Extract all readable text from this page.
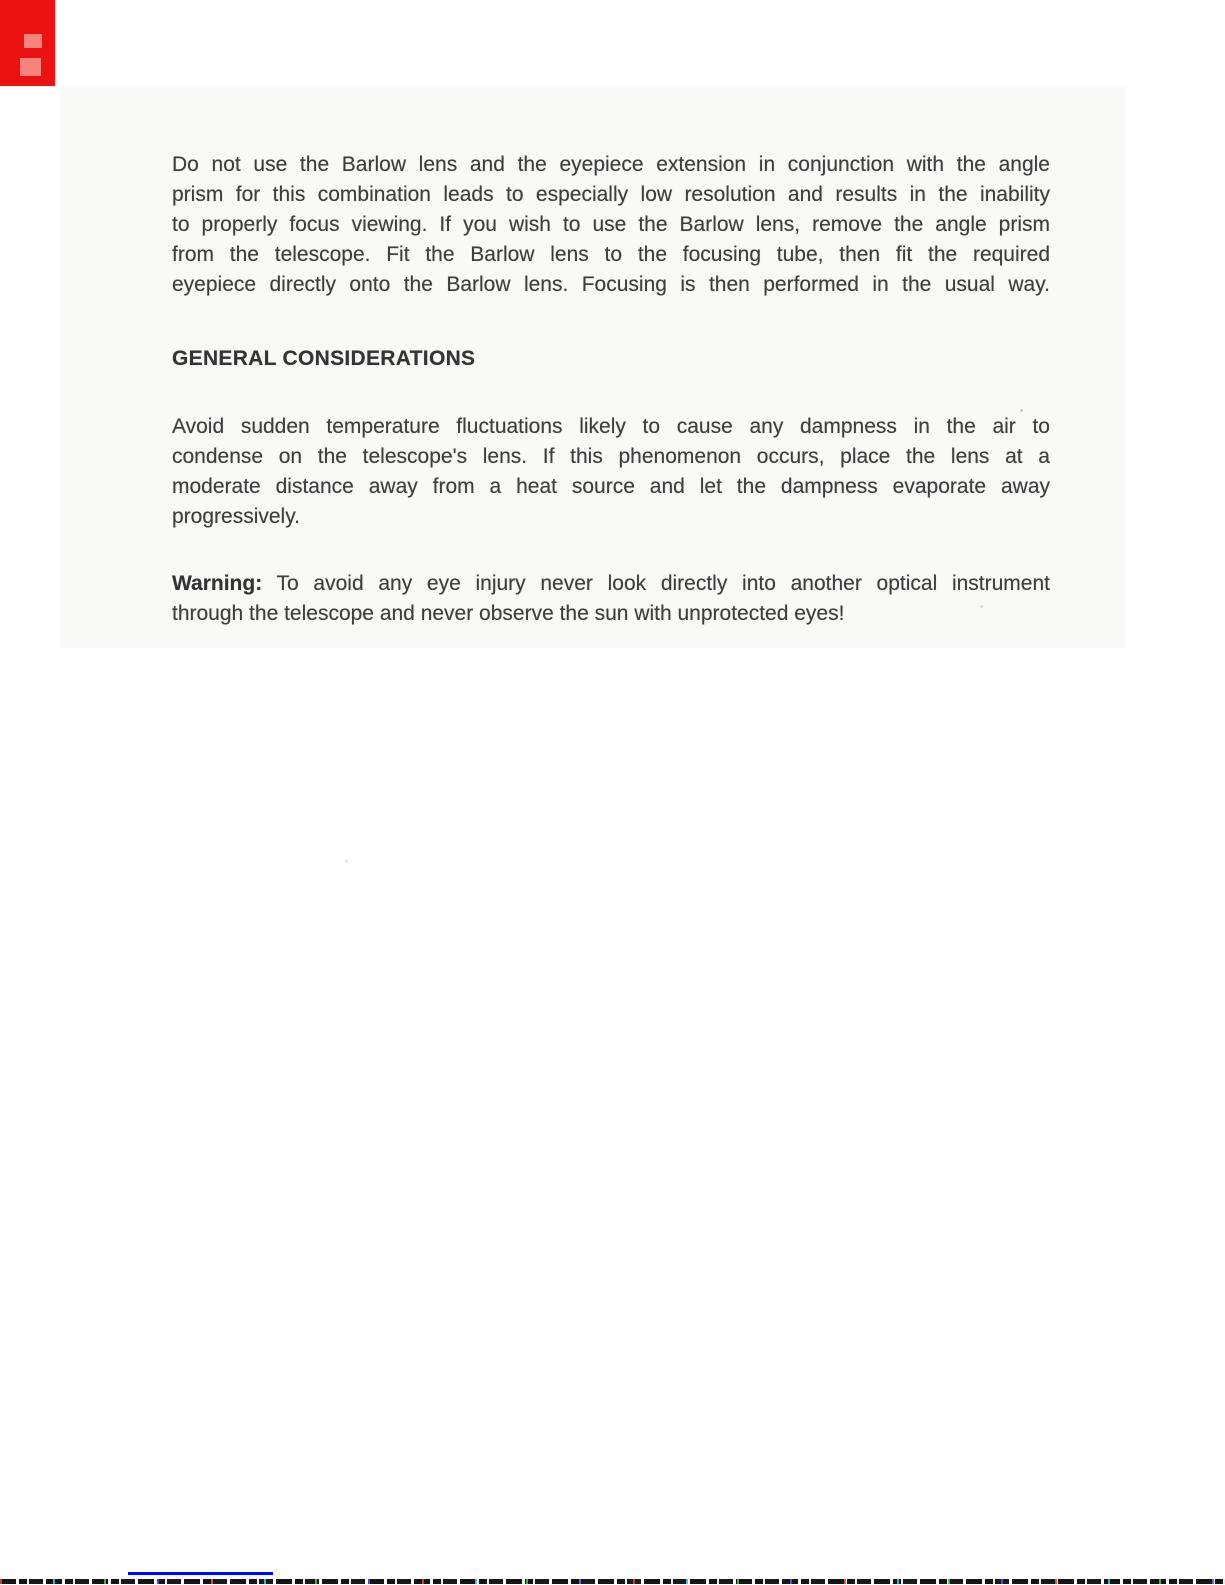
Do not use the Barlow lens and the eyepiece extension in conjunction with the angle
prism for this combination leads to especially low resolution and results in the inability
to properly focus viewing. If you wish to use the Barlow lens, remove the angle prism
from the telescope. Fit the Barlow lens to the focusing tube, then fit the required
eyepiece directly onto the Barlow lens. Focusing is then performed in the usual way.
GENERAL CONSIDERATIONS
Avoid sudden temperature fluctuations likely to cause any dampness in the air to
condense on the telescope's lens. If this phenomenon occurs, place the lens at a
moderate distance away from a heat source and let the dampness evaporate away
progressively.
Warning: To avoid any eye injury never look directly into another optical instrument
through the telescope and never observe the sun with unprotected eyes!
